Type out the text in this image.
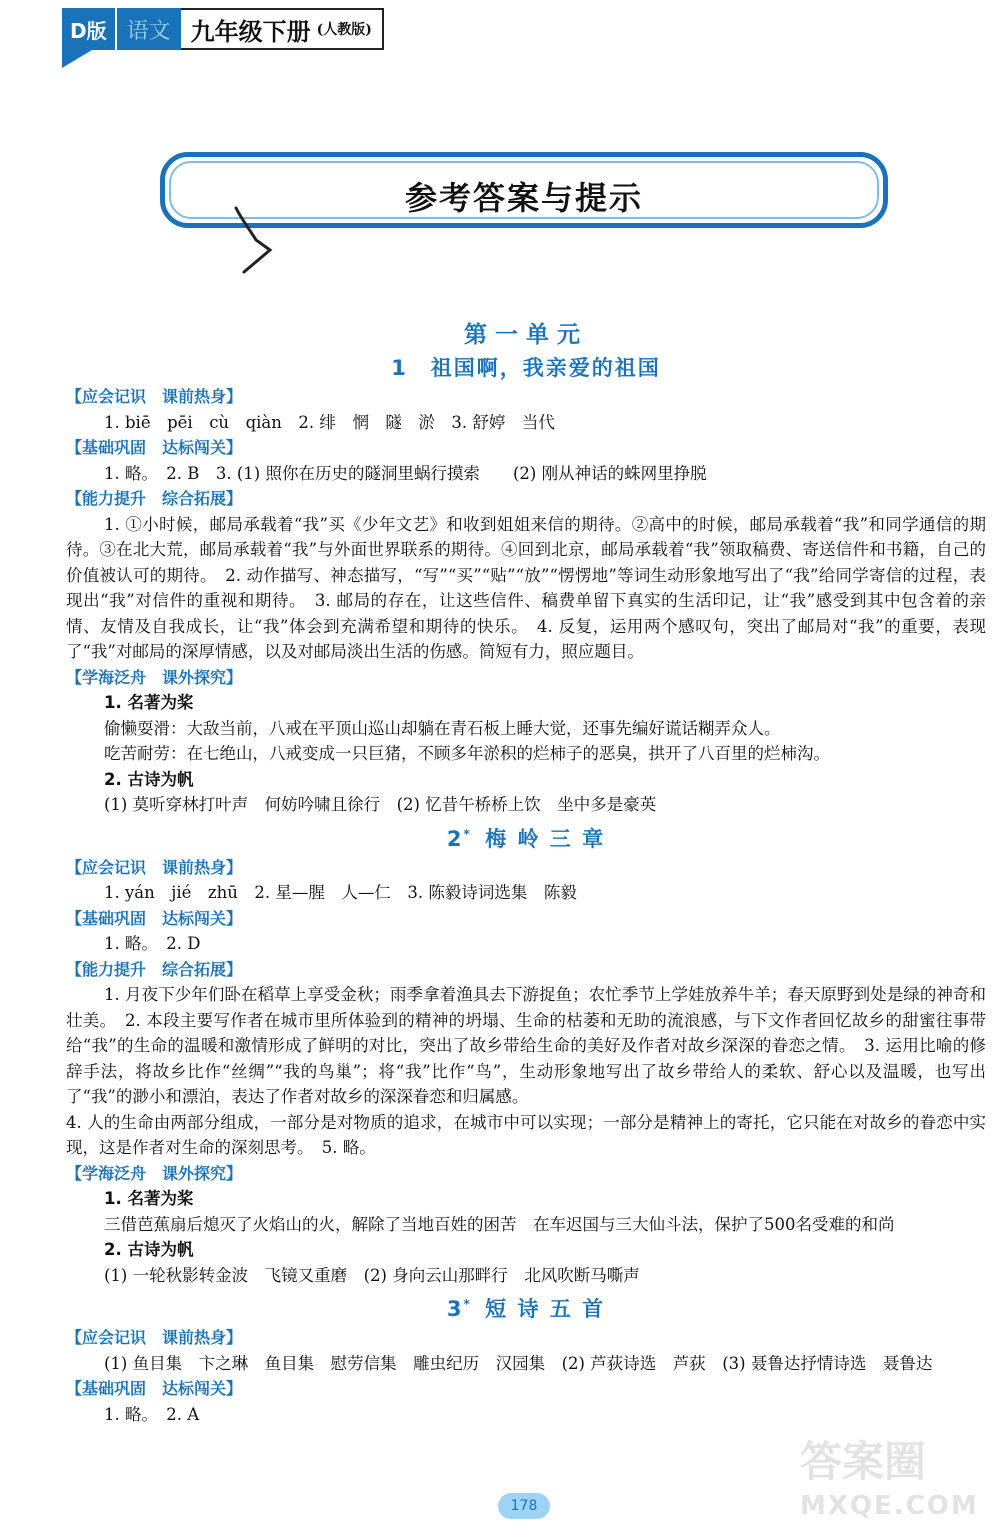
D版 语文 九年级下册 (人教版)
参考答案与提示
第一单元
1　祖国啊，我亲爱的祖国
【应会记识　课前热身】

1. biē　pēi　cù　qiàn　2. 绯　惘　隧　淤　3. 舒婷　当代

【基础巩固　达标闯关】

1. 略。　2. B　3. (1) 照你在历史的隧洞里蜗行摸索　　(2) 刚从神话的蛛网里挣脱

【能力提升　综合拓展】

1. ①小时候，邮局承载着“我”买《少年文艺》和收到姐姐来信的期待。②高中的时候，邮局承载着“我”和同学通信的期待。③在北大荒，邮局承载着“我”与外面世界联系的期待。④回到北京，邮局承载着“我”领取稿费、寄送信件和书籍，自己的价值被认可的期待。　2. 动作描写、神态描写，“写”“买”“贴”“放”“愣愣地”等词生动形象地写出了“我”给同学寄信的过程，表现出“我”对信件的重视和期待。　3. 邮局的存在，让这些信件、稿费单留下真实的生活印记，让“我”感受到其中包含着的亲情、友情及自我成长，让“我”体会到充满希望和期待的快乐。　4. 反复，运用两个感叹句，突出了邮局对“我”的重要，表现了“我”对邮局的深厚情感，以及对邮局淡出生活的伤感。简短有力，照应题目。

【学海泛舟　课外探究】

1. 名著为桨

偷懒耍滑：大敌当前，八戒在平顶山巡山却躺在青石板上睡大觉，还事先编好谎话糊弄众人。

吃苦耐劳：在七绝山，八戒变成一只巨猪，不顾多年淤积的烂柿子的恶臭，拱开了八百里的烂柿沟。

2. 古诗为帆

(1) 莫听穿林打叶声　何妨吟啸且徐行　(2) 忆昔午桥桥上饮　坐中多是豪英

2* 梅 岭 三 章
【应会记识　课前热身】

1. yán　jié　zhū　2. 星—腥　人—仁　3. 陈毅诗词选集　陈毅

【基础巩固　达标闯关】

1. 略。　2. D

【能力提升　综合拓展】

1. 月夜下少年们卧在稻草上享受金秋；雨季拿着渔具去下游捉鱼；农忙季节上学娃放养牛羊；春天原野到处是绿的神奇和壮美。　2. 本段主要写作者在城市里所体验到的精神的坍塌、生命的枯萎和无助的流浪感，与下文作者回忆故乡的甜蜜往事带给“我”的生命的温暖和激情形成了鲜明的对比，突出了故乡带给生命的美好及作者对故乡深深的眷恋之情。　3. 运用比喻的修辞手法，将故乡比作“丝绸”“我的鸟巢”；将“我”比作“鸟”，生动形象地写出了故乡带给人的柔软、舒心以及温暖，也写出了“我”的渺小和漂泊，表达了作者对故乡的深深眷恋和归属感。

4. 人的生命由两部分组成，一部分是对物质的追求，在城市中可以实现；一部分是精神上的寄托，它只能在对故乡的眷恋中实现，这是作者对生命的深刻思考。　5. 略。

【学海泛舟　课外探究】

1. 名著为桨

三借芭蕉扇后熄灭了火焰山的火，解除了当地百姓的困苦　在车迟国与三大仙斗法，保护了500名受难的和尚

2. 古诗为帆

(1) 一轮秋影转金波　飞镜又重磨　(2) 身向云山那畔行　北风吹断马嘶声

3* 短 诗 五 首
【应会记识　课前热身】

(1) 鱼目集　卞之琳　鱼目集　慰劳信集　雕虫纪历　汉园集　(2) 芦荻诗选　芦荻　(3) 聂鲁达抒情诗选　聂鲁达

【基础巩固　达标闯关】

1. 略。　2. A

178
答案圈
MXQE.COM
